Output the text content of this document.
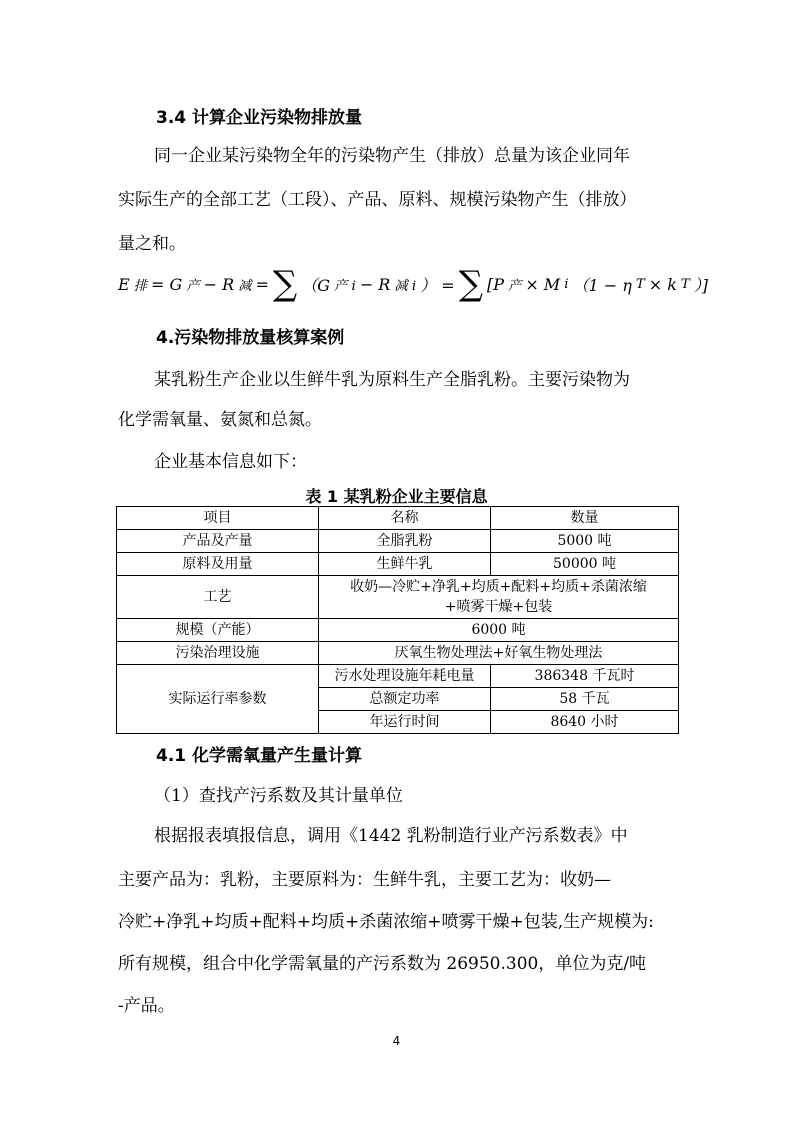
3.4 计算企业污染物排放量
同一企业某污染物全年的污染物产生（排放）总量为该企业同年
实际生产的全部工艺（工段）、产品、原料、规模污染物产生（排放）
量之和。
E 排 = G 产 − R 减 = ∑ （G 产 i − R 减 i ） = ∑ [P 产 × M i （1 − η T × k T ）]
4.污染物排放量核算案例
某乳粉生产企业以生鲜牛乳为原料生产全脂乳粉。主要污染物为
化学需氧量、氨氮和总氮。
企业基本信息如下：
表 1 某乳粉企业主要信息
项目	名称	数量
产品及产量	全脂乳粉	5000 吨
原料及用量	生鲜牛乳	50000 吨
工艺	收奶—冷贮+净乳+均质+配料+均质+杀菌浓缩+喷雾干燥+包装	
规模（产能）	6000 吨	
污染治理设施	厌氧生物处理法+好氧生物处理法	
实际运行率参数	污水处理设施年耗电量	386348 千瓦时
	总额定功率	58 千瓦
	年运行时间	8640 小时
4.1 化学需氧量产生量计算
（1）查找产污系数及其计量单位
根据报表填报信息，调用《1442 乳粉制造行业产污系数表》中
主要产品为：乳粉，主要原料为：生鲜牛乳，主要工艺为：收奶—
冷贮+净乳+均质+配料+均质+杀菌浓缩+喷雾干燥+包装,生产规模为:
所有规模，组合中化学需氧量的产污系数为 26950.300，单位为克/吨
-产品。
4
